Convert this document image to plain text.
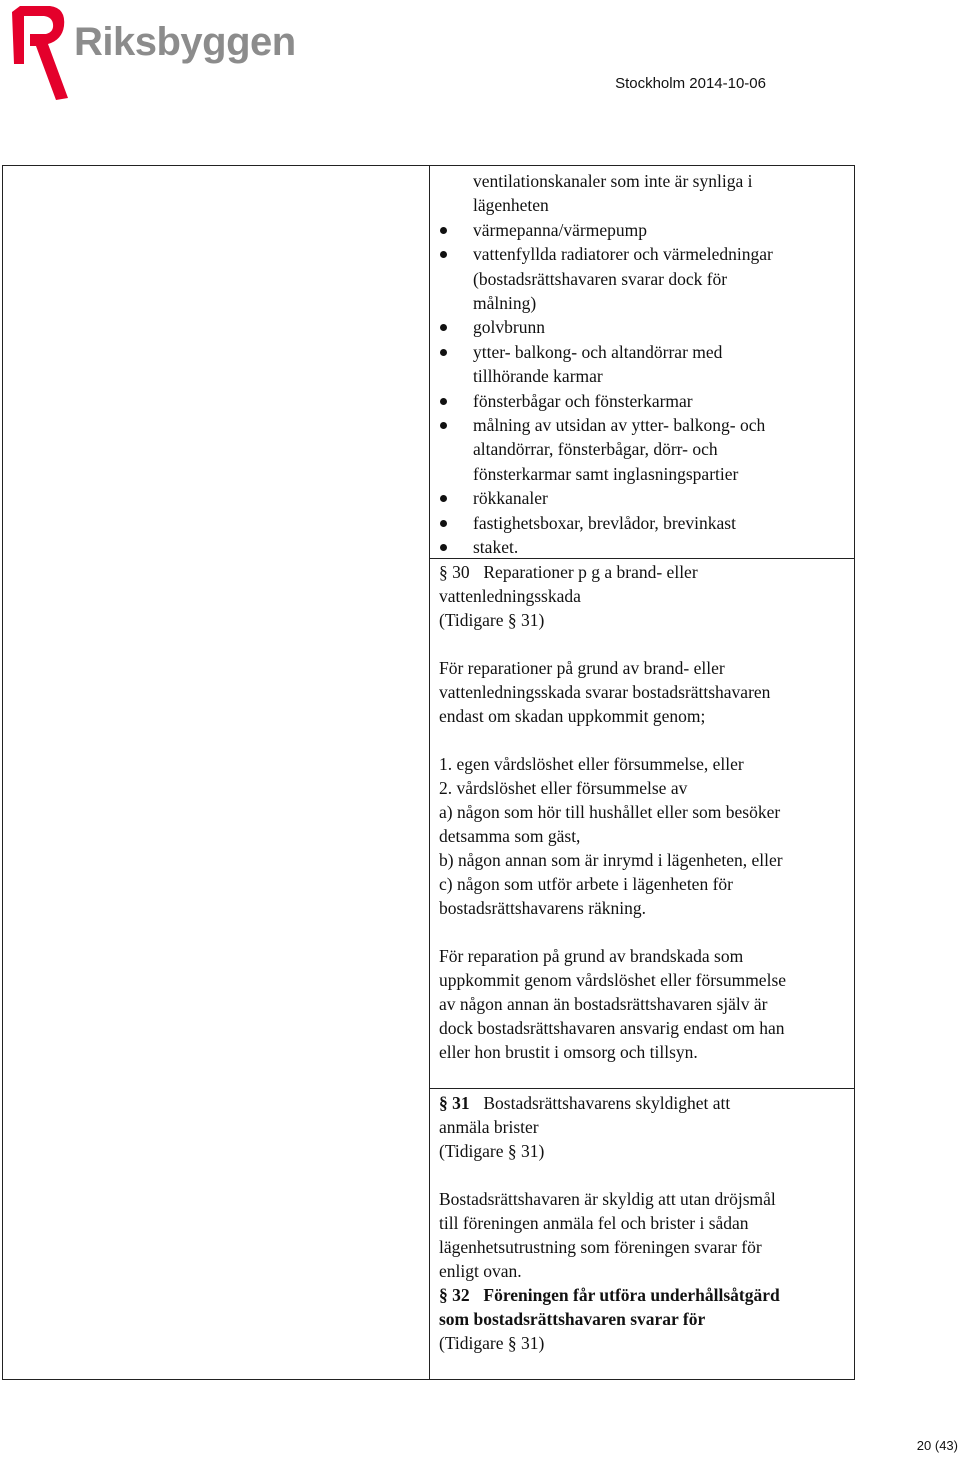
Riksbyggen
Stockholm 2014-10-06

ventilationskanaler som inte är synliga i

lägenheten

värmepanna/värmepump

vattenfyllda radiatorer och värmeledningar

(bostadsrättshavaren svarar dock för

målning)

golvbrunn

ytter- balkong- och altandörrar med

tillhörande karmar

fönsterbågar och fönsterkarmar

målning av utsidan av ytter- balkong- och

altandörrar, fönsterbågar, dörr- och

fönsterkarmar samt inglasningspartier

rökkanaler

fastighetsboxar, brevlådor, brevinkast

staket.

§ 30 Reparationer p g a brand- eller

vattenledningsskada

(Tidigare § 31)

För reparationer på grund av brand- eller

vattenledningsskada svarar bostadsrättshavaren

endast om skadan uppkommit genom;

1. egen vårdslöshet eller försummelse, eller

2. vårdslöshet eller försummelse av

a) någon som hör till hushållet eller som besöker

detsamma som gäst,

b) någon annan som är inrymd i lägenheten, eller

c) någon som utför arbete i lägenheten för

bostadsrättshavarens räkning.

För reparation på grund av brandskada som

uppkommit genom vårdslöshet eller försummelse

av någon annan än bostadsrättshavaren själv är

dock bostadsrättshavaren ansvarig endast om han

eller hon brustit i omsorg och tillsyn.

§ 31 Bostadsrättshavarens skyldighet att

anmäla brister

(Tidigare § 31)

Bostadsrättshavaren är skyldig att utan dröjsmål

till föreningen anmäla fel och brister i sådan

lägenhetsutrustning som föreningen svarar för

enligt ovan.

§ 32 Föreningen får utföra underhållsåtgärd

som bostadsrättshavaren svarar för

(Tidigare § 31)

20 (43)
